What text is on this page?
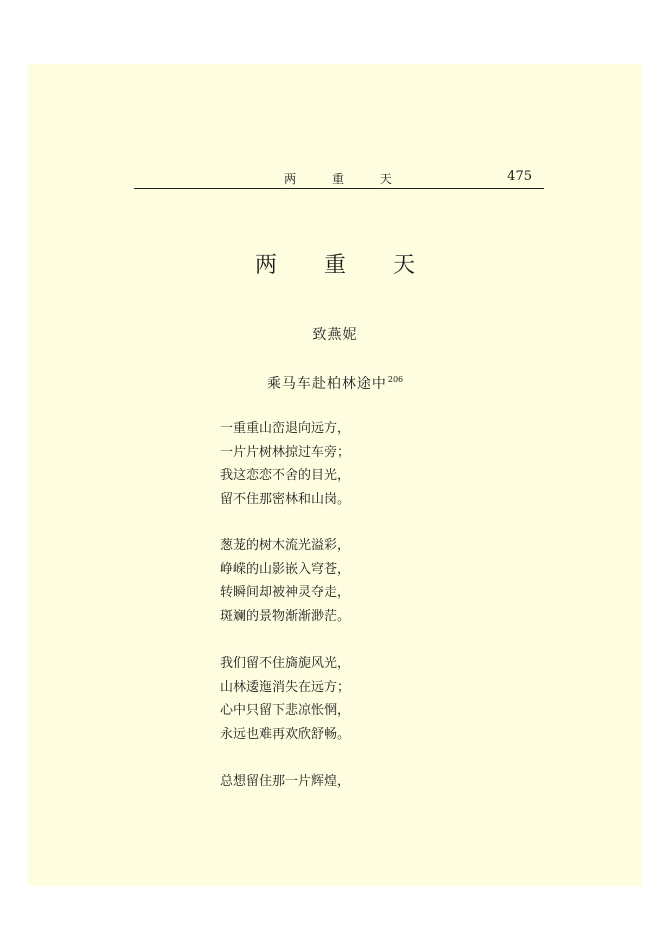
两 重 天	475
两 重 天
致燕妮
乘马车赴柏林途中$^{206}$
一重重山峦退向远方，
一片片树林掠过车旁；
我这恋恋不舍的目光，
留不住那密林和山岗。
葱茏的树木流光溢彩，
峥嵘的山影嵌入穹苍，
转瞬间却被神灵夺走，
斑斓的景物渐渐渺茫。
我们留不住旖旎风光，
山林逶迤消失在远方；
心中只留下悲凉怅惘，
永远也难再欢欣舒畅。
总想留住那一片辉煌，
